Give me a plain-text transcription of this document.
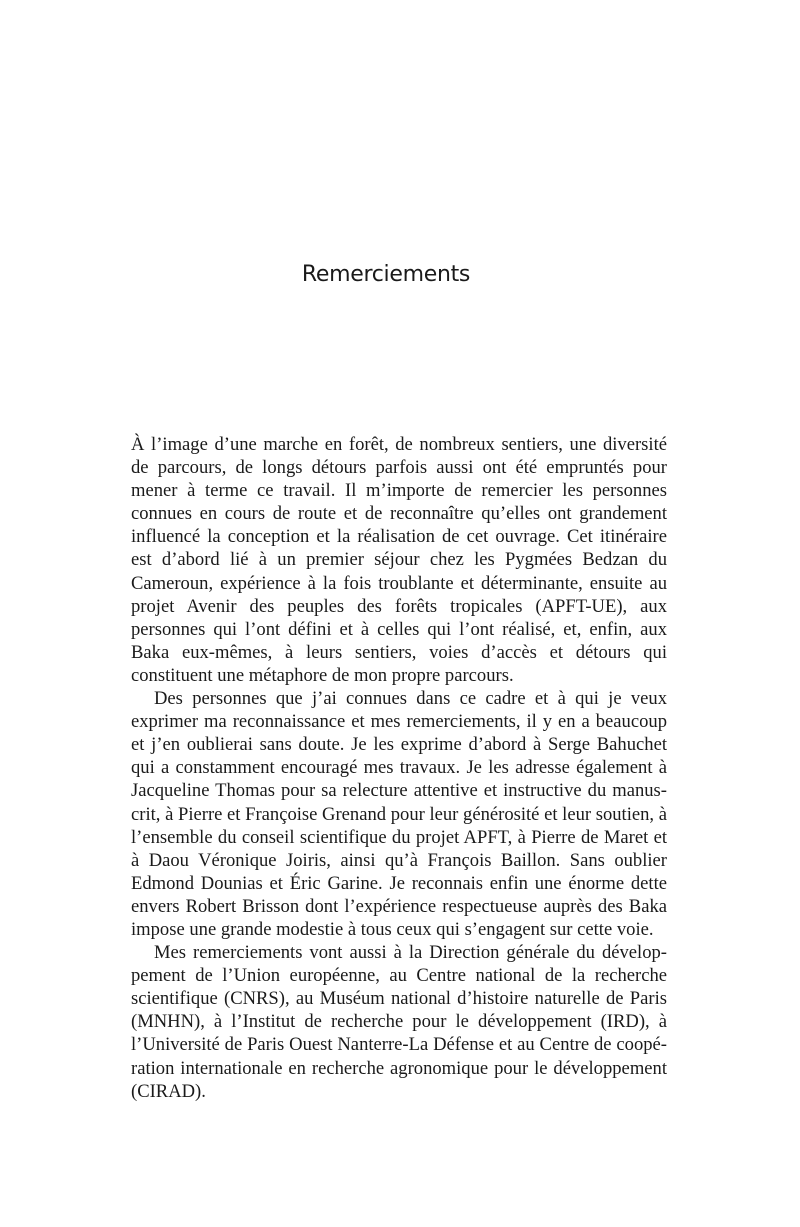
Remerciements

À l’image d’une marche en forêt, de nombreux sentiers, une diversité de parcours, de longs détours parfois aussi ont été empruntés pour mener à terme ce travail. Il m’importe de remercier les personnes connues en cours de route et de reconnaître qu’elles ont grandement influencé la conception et la réalisation de cet ouvrage. Cet itinéraire est d’abord lié à un premier séjour chez les Pygmées Bedzan du Cameroun, expérience à la fois troublante et déterminante, ensuite au projet Avenir des peuples des forêts tropicales (APFT-UE), aux personnes qui l’ont défini et à celles qui l’ont réalisé, et, enfin, aux Baka eux-mêmes, à leurs sentiers, voies d’accès et détours qui constituent une métaphore de mon propre parcours.

Des personnes que j’ai connues dans ce cadre et à qui je veux exprimer ma reconnaissance et mes remerciements, il y en a beaucoup et j’en oublierai sans doute. Je les exprime d’abord à Serge Bahuchet qui a constamment encouragé mes travaux. Je les adresse également à Jacqueline Thomas pour sa relecture attentive et instructive du manuscrit, à Pierre et Françoise Grenand pour leur générosité et leur soutien, à l’ensemble du conseil scientifique du projet APFT, à Pierre de Maret et à Daou Véronique Joiris, ainsi qu’à François Baillon. Sans oublier Edmond Dounias et Éric Garine. Je reconnais enfin une énorme dette envers Robert Brisson dont l’expérience respectueuse auprès des Baka impose une grande modestie à tous ceux qui s’engagent sur cette voie.

Mes remerciements vont aussi à la Direction générale du développement de l’Union européenne, au Centre national de la recherche scientifique (CNRS), au Muséum national d’histoire naturelle de Paris (MNHN), à l’Institut de recherche pour le développement (IRD), à l’Université de Paris Ouest Nanterre-La Défense et au Centre de coopération internationale en recherche agronomique pour le développement (CIRAD).
